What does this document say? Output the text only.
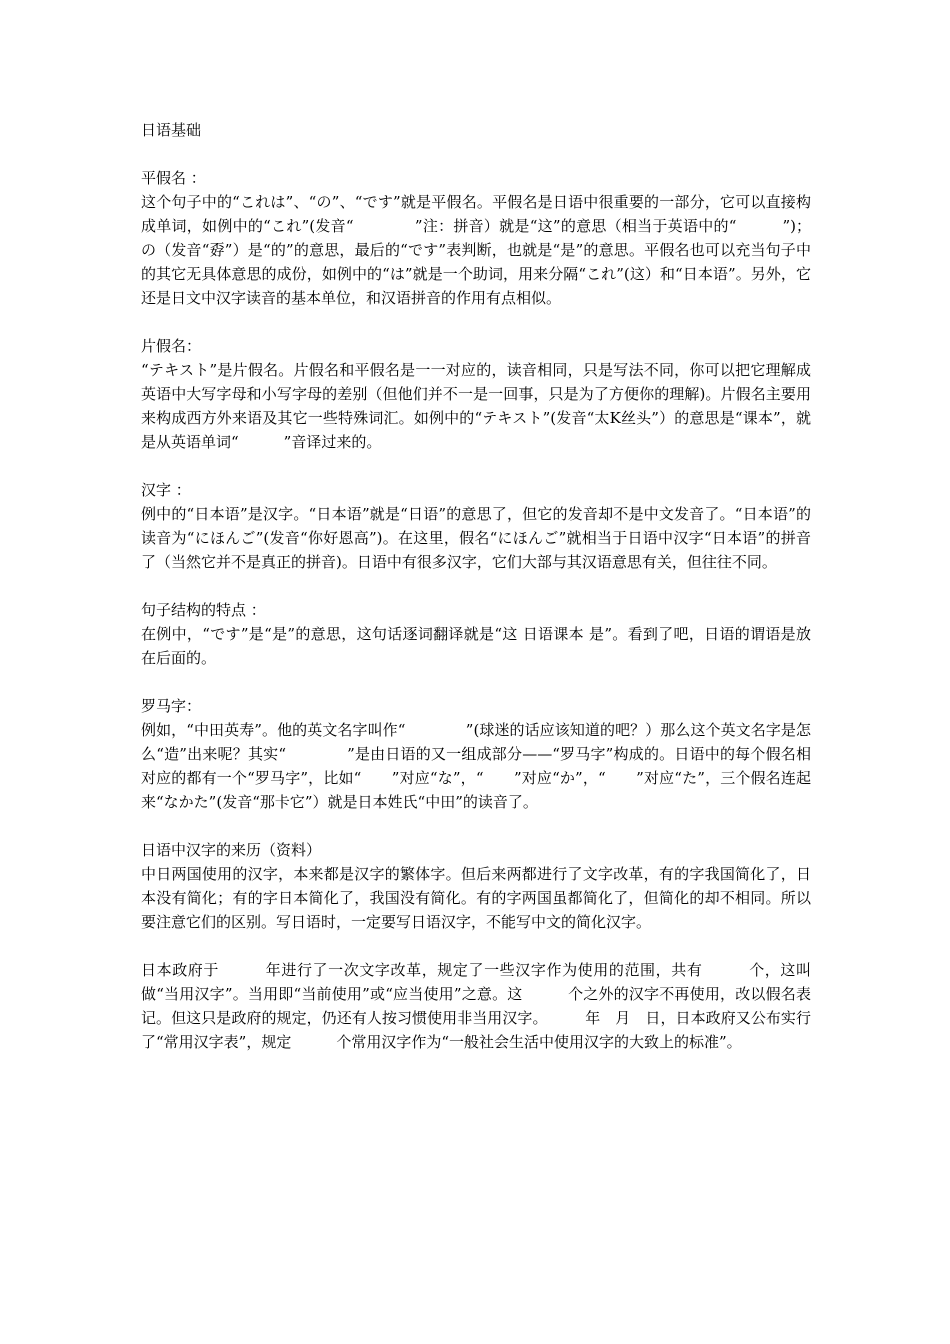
日语基础
平假名 ：
这个句子中的“これは”、“の”、“です”就是平假名。平假名是日语中很重要的一部分，它可以直接构成单词，如例中的“これ”(发音“　　　　”注：拼音）就是“这”的意思（相当于英语中的“　　　”)；の（发音“孬”）是“的”的意思，最后的“です”表判断，也就是“是”的意思。平假名也可以充当句子中的其它无具体意思的成份，如例中的“は”就是一个助词，用来分隔“これ”(这）和“日本语”。另外，它还是日文中汉字读音的基本单位，和汉语拼音的作用有点相似。
片假名：
“テキスト”是片假名。片假名和平假名是一一对应的，读音相同，只是写法不同，你可以把它理解成英语中大写字母和小写字母的差别（但他们并不一是一回事，只是为了方便你的理解)。片假名主要用来构成西方外来语及其它一些特殊词汇。如例中的“テキスト”(发音“太K丝头”）的意思是“课本”，就是从英语单词“　　　”音译过来的。
汉字 ：
例中的“日本语”是汉字。“日本语”就是“日语”的意思了，但它的发音却不是中文发音了。“日本语”的读音为“にほんご”(发音“你好恩高”)。在这里，假名“にほんご”就相当于日语中汉字“日本语”的拼音了（当然它并不是真正的拼音)。日语中有很多汉字，它们大部与其汉语意思有关，但往往不同。
句子结构的特点 ：
在例中，“です”是“是”的意思，这句话逐词翻译就是“这 日语课本 是”。看到了吧，日语的谓语是放在后面的。
罗马字：
例如，“中田英寿”。他的英文名字叫作“　　　　”(球迷的话应该知道的吧？）那么这个英文名字是怎么“造”出来呢？其实“　　　　”是由日语的又一组成部分——“罗马字”构成的。日语中的每个假名相对应的都有一个“罗马字”，比如“　　”对应“な”，“　　”对应“か”，“　　”对应“た”，三个假名连起来“なかた”(发音“那卡它”）就是日本姓氏“中田”的读音了。
日语中汉字的来历（资料）
中日两国使用的汉字，本来都是汉字的繁体字。但后来两都进行了文字改革，有的字我国简化了，日本没有简化；有的字日本简化了，我国没有简化。有的字两国虽都简化了，但简化的却不相同。所以要注意它们的区别。写日语时，一定要写日语汉字，不能写中文的简化汉字。
日本政府于　　　年进行了一次文字改革，规定了一些汉字作为使用的范围，共有　　　个，这叫做“当用汉字”。当用即“当前使用”或“应当使用”之意。这　　　个之外的汉字不再使用，改以假名表记。但这只是政府的规定，仍还有人按习惯使用非当用汉字。　　　年　月　日，日本政府又公布实行了“常用汉字表”，规定　　　个常用汉字作为“一般社会生活中使用汉字的大致上的标准”。
